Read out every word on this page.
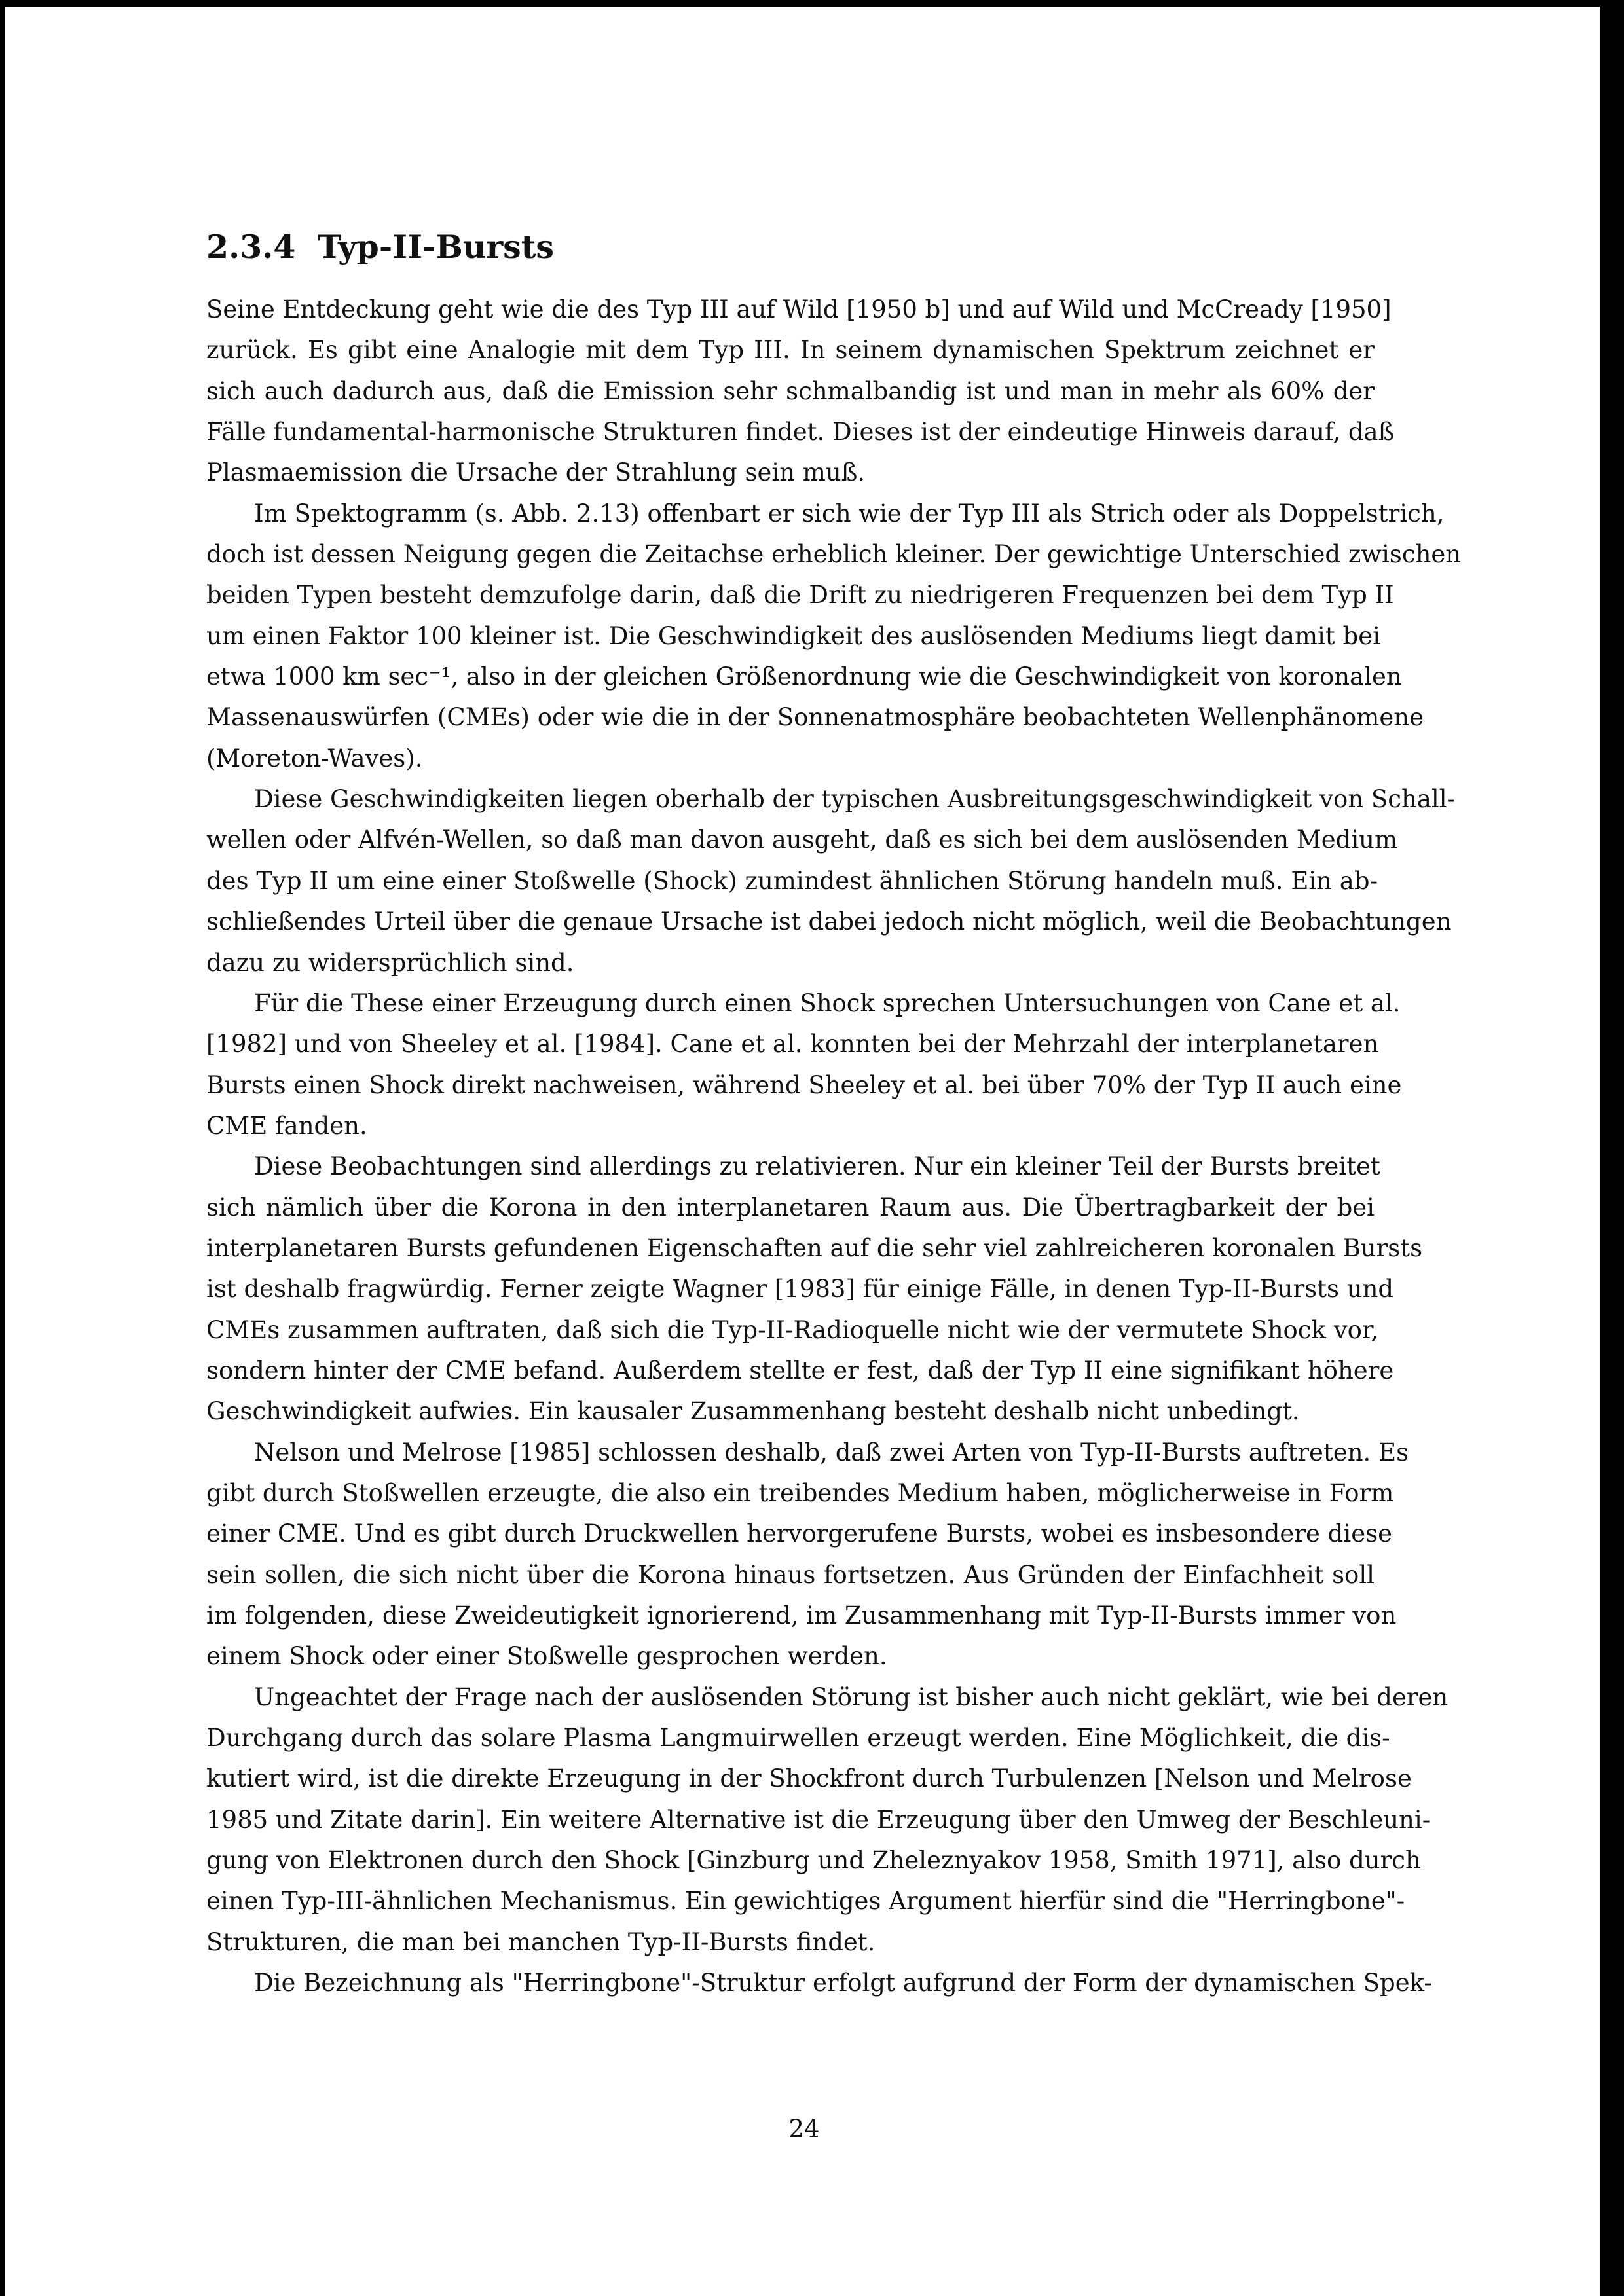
2.3.4 Typ-II-Bursts
Seine Entdeckung geht wie die des Typ III auf Wild [1950 b] und auf Wild und McCready [1950]
zurück. Es gibt eine Analogie mit dem Typ III. In seinem dynamischen Spektrum zeichnet er
sich auch dadurch aus, daß die Emission sehr schmalbandig ist und man in mehr als 60% der
Fälle fundamental-harmonische Strukturen findet. Dieses ist der eindeutige Hinweis darauf, daß
Plasmaemission die Ursache der Strahlung sein muß.
Im Spektogramm (s. Abb. 2.13) offenbart er sich wie der Typ III als Strich oder als Doppelstrich,
doch ist dessen Neigung gegen die Zeitachse erheblich kleiner. Der gewichtige Unterschied zwischen
beiden Typen besteht demzufolge darin, daß die Drift zu niedrigeren Frequenzen bei dem Typ II
um einen Faktor 100 kleiner ist. Die Geschwindigkeit des auslösenden Mediums liegt damit bei
etwa 1000 km sec⁻¹, also in der gleichen Größenordnung wie die Geschwindigkeit von koronalen
Massenauswürfen (CMEs) oder wie die in der Sonnenatmosphäre beobachteten Wellenphänomene
(Moreton-Waves).
Diese Geschwindigkeiten liegen oberhalb der typischen Ausbreitungsgeschwindigkeit von Schall-
wellen oder Alfvén-Wellen, so daß man davon ausgeht, daß es sich bei dem auslösenden Medium
des Typ II um eine einer Stoßwelle (Shock) zumindest ähnlichen Störung handeln muß. Ein ab-
schließendes Urteil über die genaue Ursache ist dabei jedoch nicht möglich, weil die Beobachtungen
dazu zu widersprüchlich sind.
Für die These einer Erzeugung durch einen Shock sprechen Untersuchungen von Cane et al.
[1982] und von Sheeley et al. [1984]. Cane et al. konnten bei der Mehrzahl der interplanetaren
Bursts einen Shock direkt nachweisen, während Sheeley et al. bei über 70% der Typ II auch eine
CME fanden.
Diese Beobachtungen sind allerdings zu relativieren. Nur ein kleiner Teil der Bursts breitet
sich nämlich über die Korona in den interplanetaren Raum aus. Die Übertragbarkeit der bei
interplanetaren Bursts gefundenen Eigenschaften auf die sehr viel zahlreicheren koronalen Bursts
ist deshalb fragwürdig. Ferner zeigte Wagner [1983] für einige Fälle, in denen Typ-II-Bursts und
CMEs zusammen auftraten, daß sich die Typ-II-Radioquelle nicht wie der vermutete Shock vor,
sondern hinter der CME befand. Außerdem stellte er fest, daß der Typ II eine signifikant höhere
Geschwindigkeit aufwies. Ein kausaler Zusammenhang besteht deshalb nicht unbedingt.
Nelson und Melrose [1985] schlossen deshalb, daß zwei Arten von Typ-II-Bursts auftreten. Es
gibt durch Stoßwellen erzeugte, die also ein treibendes Medium haben, möglicherweise in Form
einer CME. Und es gibt durch Druckwellen hervorgerufene Bursts, wobei es insbesondere diese
sein sollen, die sich nicht über die Korona hinaus fortsetzen. Aus Gründen der Einfachheit soll
im folgenden, diese Zweideutigkeit ignorierend, im Zusammenhang mit Typ-II-Bursts immer von
einem Shock oder einer Stoßwelle gesprochen werden.
Ungeachtet der Frage nach der auslösenden Störung ist bisher auch nicht geklärt, wie bei deren
Durchgang durch das solare Plasma Langmuirwellen erzeugt werden. Eine Möglichkeit, die dis-
kutiert wird, ist die direkte Erzeugung in der Shockfront durch Turbulenzen [Nelson und Melrose
1985 und Zitate darin]. Ein weitere Alternative ist die Erzeugung über den Umweg der Beschleuni-
gung von Elektronen durch den Shock [Ginzburg und Zheleznyakov 1958, Smith 1971], also durch
einen Typ-III-ähnlichen Mechanismus. Ein gewichtiges Argument hierfür sind die "Herringbone"-
Strukturen, die man bei manchen Typ-II-Bursts findet.
Die Bezeichnung als "Herringbone"-Struktur erfolgt aufgrund der Form der dynamischen Spek-
24
